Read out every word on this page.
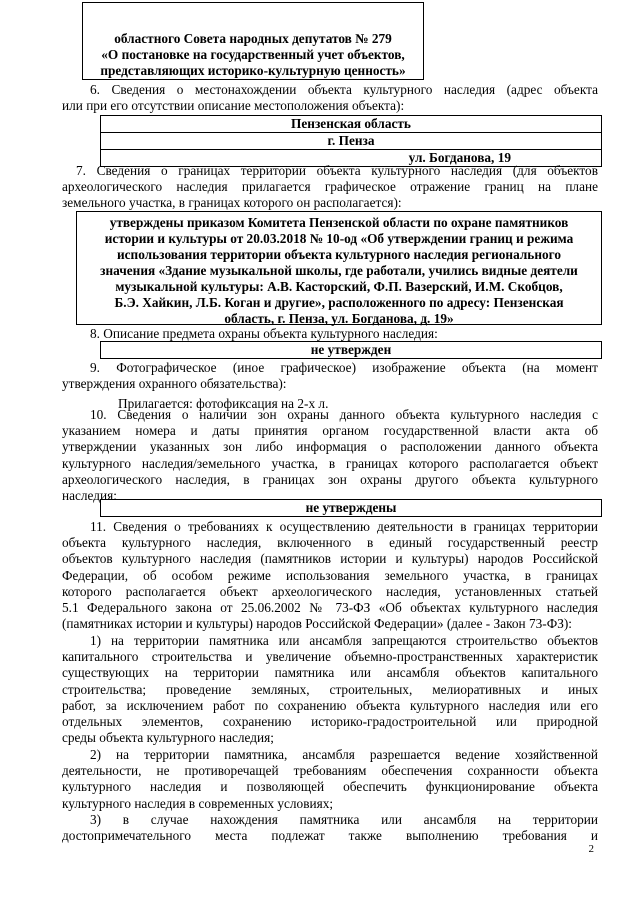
областного Совета народных депутатов № 279
«О постановке на государственный учет объектов,
представляющих историко-культурную ценность»
6. Сведения о местонахождении объекта культурного наследия (адрес объекта
или при его отсутствии описание местоположения объекта):
Пензенская область
г. Пенза
ул. Богданова, 19
7. Сведения о границах территории объекта культурного наследия (для объектов
археологического наследия прилагается графическое отражение границ на плане
земельного участка, в границах которого он располагается):
утверждены приказом Комитета Пензенской области по охране памятников
истории и культуры от 20.03.2018 № 10-од «Об утверждении границ и режима
использования территории объекта культурного наследия регионального
значения «Здание музыкальной школы, где работали, учились видные деятели
музыкальной культуры: А.В. Касторский, Ф.П. Вазерский, И.М. Скобцов,
Б.Э. Хайкин, Л.Б. Коган и другие», расположенного по адресу: Пензенская
область, г. Пенза, ул. Богданова, д. 19»
8. Описание предмета охраны объекта культурного наследия:
не утвержден
9. Фотографическое (иное графическое) изображение объекта (на момент
утверждения охранного обязательства):
Прилагается: фотофиксация на 2-х л.
10. Сведения о наличии зон охраны данного объекта культурного наследия с
указанием номера и даты принятия органом государственной власти акта об
утверждении указанных зон либо информация о расположении данного объекта
культурного наследия/земельного участка, в границах которого располагается объект
археологического наследия, в границах зон охраны другого объекта культурного
наследия:
не утверждены
11. Сведения о требованиях к осуществлению деятельности в границах территории
объекта культурного наследия, включенного в единый государственный реестр
объектов культурного наследия (памятников истории и культуры) народов Российской
Федерации, об особом режиме использования земельного участка, в границах
которого располагается объект археологического наследия, установленных статьей
5.1 Федерального закона от 25.06.2002 № 73-ФЗ «Об объектах культурного наследия
(памятниках истории и культуры) народов Российской Федерации» (далее - Закон 73-ФЗ):
1) на территории памятника или ансамбля запрещаются строительство объектов
капитального строительства и увеличение объемно-пространственных характеристик
существующих на территории памятника или ансамбля объектов капитального
строительства; проведение земляных, строительных, мелиоративных и иных
работ, за исключением работ по сохранению объекта культурного наследия или его
отдельных элементов, сохранению историко-градостроительной или природной
среды объекта культурного наследия;
2) на территории памятника, ансамбля разрешается ведение хозяйственной
деятельности, не противоречащей требованиям обеспечения сохранности объекта
культурного наследия и позволяющей обеспечить функционирование объекта
культурного наследия в современных условиях;
3) в случае нахождения памятника или ансамбля на территории
достопримечательного места подлежат также выполнению требования и
2
